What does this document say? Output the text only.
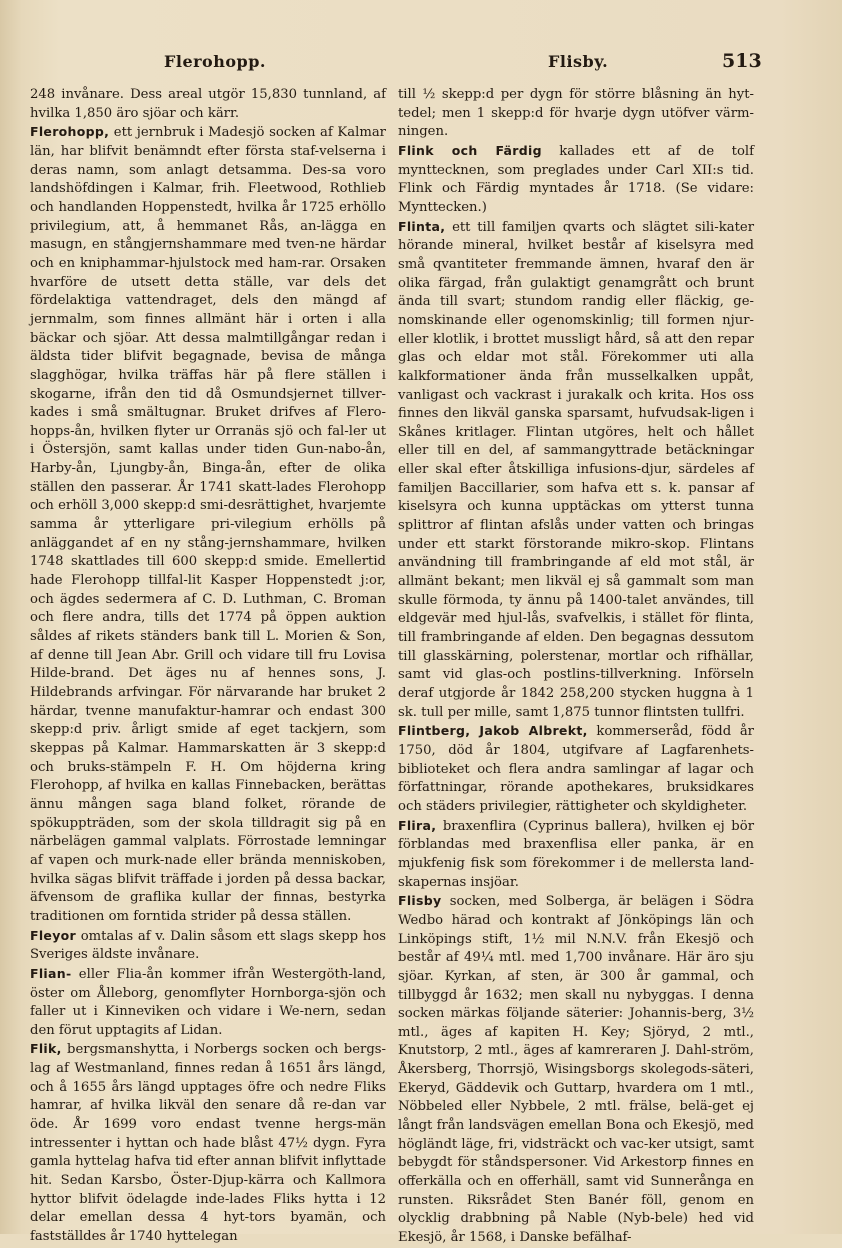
Flerohopp.	Flisby.	513

248 invånare. Dess areal utgör 15,830 tunnland, af hvilka 1,850 äro sjöar och kärr.

Flerohopp, ett jernbruk i Madesjö socken af Kalmar län, har blifvit benämndt efter första staf-velserna i deras namn, som anlagt detsamma. Des-sa voro landshöfdingen i Kalmar, frih. Fleetwood, Rothlieb och handlanden Hoppenstedt, hvilka år 1725 erhöllo privilegium, att, å hemmanet Rås, an-lägga en masugn, en stångjernshammare med tven-ne härdar och en kniphammar-hjulstock med ham-rar. Orsaken hvarföre de utsett detta ställe, var dels det fördelaktiga vattendraget, dels den mängd af jernmalm, som finnes allmänt här i orten i alla bäckar och sjöar. Att dessa malmtillgångar redan i äldsta tider blifvit begagnade, bevisa de många slagghögar, hvilka träffas här på flere ställen i skogarne, ifrån den tid då Osmundsjernet tillver-kades i små smältugnar. Bruket drifves af Flero-hopps-ån, hvilken flyter ur Orranäs sjö och fal-ler ut i Östersjön, samt kallas under tiden Gun-nabo-ån, Harby-ån, Ljungby-ån, Binga-ån, efter de olika ställen den passerar. År 1741 skatt-lades Flerohopp och erhöll 3,000 skepp:d smi-desrättighet, hvarjemte samma år ytterligare pri-vilegium erhölls på anläggandet af en ny stång-jernshammare, hvilken 1748 skattlades till 600 skepp:d smide. Emellertid hade Flerohopp tillfal-lit Kasper Hoppenstedt j:or, och ägdes sedermera af C. D. Luthman, C. Broman och flere andra, tills det 1774 på öppen auktion såldes af rikets ständers bank till L. Morien & Son, af denne till Jean Abr. Grill och vidare till fru Lovisa Hilde-brand. Det äges nu af hennes sons, J. Hildebrands arfvingar. För närvarande har bruket 2 härdar, tvenne manufaktur-hamrar och endast 300 skepp:d priv. årligt smide af eget tackjern, som skeppas på Kalmar. Hammarskatten är 3 skepp:d och bruks-stämpeln F. H. Om höjderna kring Flerohopp, af hvilka en kallas Finnebacken, berättas ännu mången saga bland folket, rörande de spökuppträden, som der skola tilldragit sig på en närbelägen gammal valplats. Förrostade lemningar af vapen och murk-nade eller brända menniskoben, hvilka sägas blifvit träffade i jorden på dessa backar, äfvensom de graflika kullar der finnas, bestyrka traditionen om forntida strider på dessa ställen.

Fleyor omtalas af v. Dalin såsom ett slags skepp hos Sveriges äldste invånare.

Flian- eller Flia-ån kommer ifrån Westergöth-land, öster om Ålleborg, genomflyter Hornborga-sjön och faller ut i Kinneviken och vidare i We-nern, sedan den förut upptagits af Lidan.

Flik, bergsmanshytta, i Norbergs socken och bergs-lag af Westmanland, finnes redan å 1651 års längd, och å 1655 års längd upptages öfre och nedre Fliks hamrar, af hvilka likväl den senare då re-dan var öde. År 1699 voro endast tvenne hergs-män intressenter i hyttan och hade blåst 47½ dygn. Fyra gamla hyttelag hafva tid efter annan blifvit inflyttade hit. Sedan Karsbo, Öster-Djup-kärra och Kallmora hyttor blifvit ödelagde inde-lades Fliks hytta i 12 delar emellan dessa 4 hyt-tors byamän, och fastställdes år 1740 hyttelegan

till ½ skepp:d per dygn för större blåsning än hyt-tedel; men 1 skepp:d för hvarje dygn utöfver värm-ningen.

Flink och Färdig kallades ett af de tolf mynttecknen, som preglades under Carl XII:s tid. Flink och Färdig myntades år 1718. (Se vidare: Mynttecken.)

Flinta, ett till familjen qvarts och slägtet sili-kater hörande mineral, hvilket består af kiselsyra med små qvantiteter fremmande ämnen, hvaraf den är olika färgad, från gulaktigt genamgrått och brunt ända till svart; stundom randig eller fläckig, ge-nomskinande eller ogenomskinlig; till formen njur-eller klotlik, i brottet mussligt hård, så att den repar glas och eldar mot stål. Förekommer uti alla kalkformationer ända från musselkalken uppåt, vanligast och vackrast i jurakalk och krita. Hos oss finnes den likväl ganska sparsamt, hufvudsak-ligen i Skånes kritlager. Flintan utgöres, helt och hållet eller till en del, af sammangyttrade betäckningar eller skal efter åtskilliga infusions-djur, särdeles af familjen Baccillarier, som hafva ett s. k. pansar af kiselsyra och kunna upptäckas om ytterst tunna splittror af flintan afslås under vatten och bringas under ett starkt förstorande mikro-skop. Flintans användning till frambringande af eld mot stål, är allmänt bekant; men likväl ej så gammalt som man skulle förmoda, ty ännu på 1400-talet användes, till eldgevär med hjul-lås, svafvelkis, i stället för flinta, till frambringande af elden. Den begagnas dessutom till glasskärning, polerstenar, mortlar och rifhällar, samt vid glas-och postlins-tillverkning. Införseln deraf utgjorde år 1842 258,200 stycken huggna à 1 sk. tull per mille, samt 1,875 tunnor flintsten tullfri.

Flintberg, Jakob Albrekt, kommerseråd, född år 1750, död år 1804, utgifvare af Lagfarenhets-biblioteket och flera andra samlingar af lagar och författningar, rörande apothekares, bruksidkares och städers privilegier, rättigheter och skyldigheter.

Flira, braxenflira (Cyprinus ballera), hvilken ej bör förblandas med braxenflisa eller panka, är en mjukfenig fisk som förekommer i de mellersta land-skapernas insjöar.

Flisby socken, med Solberga, är belägen i Södra Wedbo härad och kontrakt af Jönköpings län och Linköpings stift, 1½ mil N.N.V. från Ekesjö och består af 49¼ mtl. med 1,700 invånare. Här äro sju sjöar. Kyrkan, af sten, är 300 år gammal, och tillbyggd år 1632; men skall nu nybyggas. I denna socken märkas följande säterier: Johannis-berg, 3½ mtl., äges af kapiten H. Key; Sjöryd, 2 mtl., Knutstorp, 2 mtl., äges af kamreraren J. Dahl-ström, Åkersberg, Thorrsjö, Wisingsborgs skolegods-säteri, Ekeryd, Gäddevik och Guttarp, hvardera om 1 mtl., Nöbbeled eller Nybbele, 2 mtl. frälse, belä-get ej långt från landsvägen emellan Bona och Ekesjö, med högländt läge, fri, vidsträckt och vac-ker utsigt, samt bebygdt för ståndspersoner. Vid Arkestorp finnes en offerkälla och en offerhäll, samt vid Sunnerånga en runsten. Riksrådet Sten Banér föll, genom en olycklig drabbning på Nable (Nyb-bele) hed vid Ekesjö, år 1568, i Danske befälhaf-
